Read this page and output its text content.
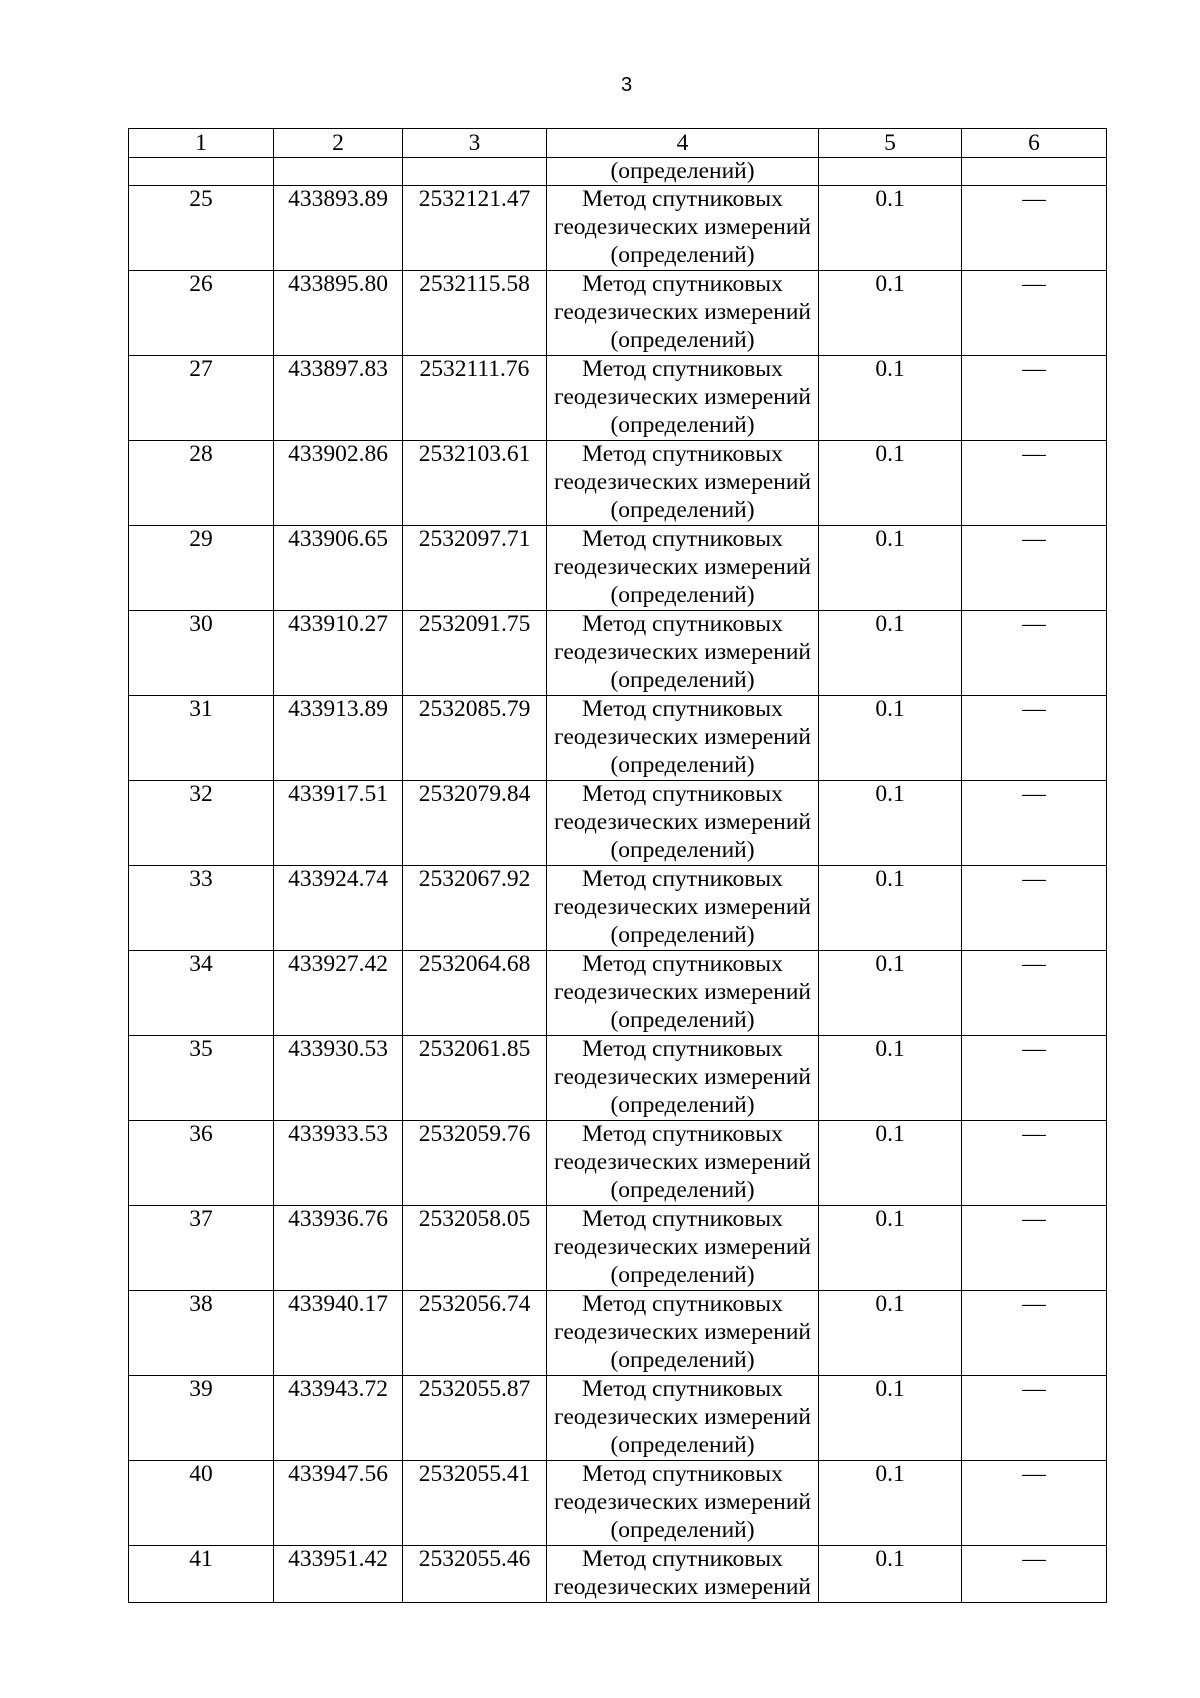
3
1	2	3	4	5	6
			(определений)		
25	433893.89	2532121.47	Метод спутниковых
геодезических измерений
(определений)	0.1	—
26	433895.80	2532115.58	Метод спутниковых
геодезических измерений
(определений)	0.1	—
27	433897.83	2532111.76	Метод спутниковых
геодезических измерений
(определений)	0.1	—
28	433902.86	2532103.61	Метод спутниковых
геодезических измерений
(определений)	0.1	—
29	433906.65	2532097.71	Метод спутниковых
геодезических измерений
(определений)	0.1	—
30	433910.27	2532091.75	Метод спутниковых
геодезических измерений
(определений)	0.1	—
31	433913.89	2532085.79	Метод спутниковых
геодезических измерений
(определений)	0.1	—
32	433917.51	2532079.84	Метод спутниковых
геодезических измерений
(определений)	0.1	—
33	433924.74	2532067.92	Метод спутниковых
геодезических измерений
(определений)	0.1	—
34	433927.42	2532064.68	Метод спутниковых
геодезических измерений
(определений)	0.1	—
35	433930.53	2532061.85	Метод спутниковых
геодезических измерений
(определений)	0.1	—
36	433933.53	2532059.76	Метод спутниковых
геодезических измерений
(определений)	0.1	—
37	433936.76	2532058.05	Метод спутниковых
геодезических измерений
(определений)	0.1	—
38	433940.17	2532056.74	Метод спутниковых
геодезических измерений
(определений)	0.1	—
39	433943.72	2532055.87	Метод спутниковых
геодезических измерений
(определений)	0.1	—
40	433947.56	2532055.41	Метод спутниковых
геодезических измерений
(определений)	0.1	—
41	433951.42	2532055.46	Метод спутниковых
геодезических измерений	0.1	—
